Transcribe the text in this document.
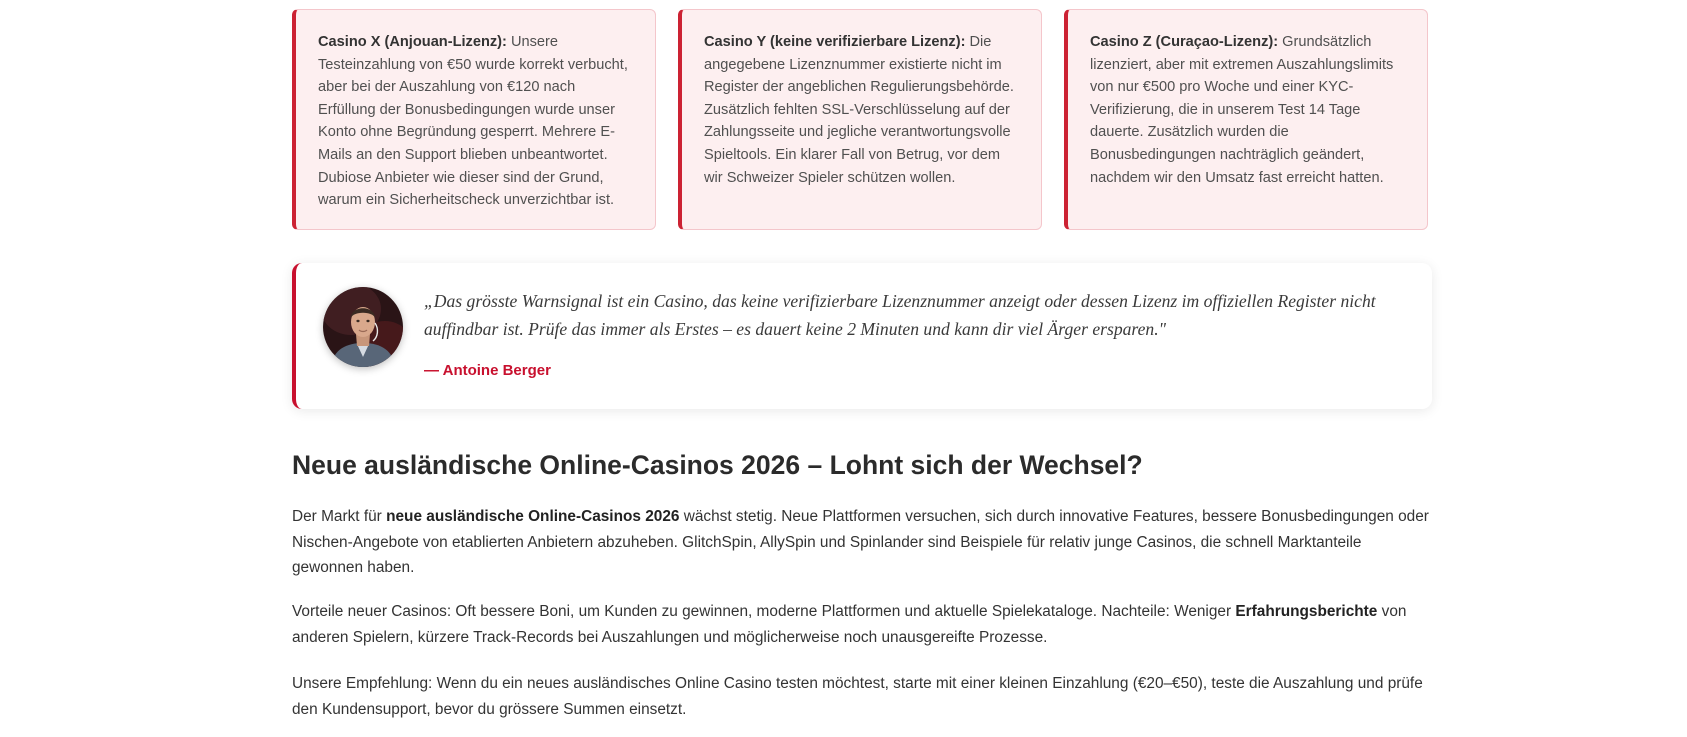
Casino X (Anjouan-Lizenz): Unsere Testeinzahlung von €50 wurde korrekt verbucht, aber bei der Auszahlung von €120 nach Erfüllung der Bonusbedingungen wurde unser Konto ohne Begründung gesperrt. Mehrere E-Mails an den Support blieben unbeantwortet. Dubiose Anbieter wie dieser sind der Grund, warum ein Sicherheitscheck unverzichtbar ist.
Casino Y (keine verifizierbare Lizenz): Die angegebene Lizenznummer existierte nicht im Register der angeblichen Regulierungsbehörde. Zusätzlich fehlten SSL-Verschlüsselung auf der Zahlungsseite und jegliche verantwortungsvolle Spieltools. Ein klarer Fall von Betrug, vor dem wir Schweizer Spieler schützen wollen.
Casino Z (Curaçao-Lizenz): Grundsätzlich lizenziert, aber mit extremen Auszahlungslimits von nur €500 pro Woche und einer KYC-Verifizierung, die in unserem Test 14 Tage dauerte. Zusätzlich wurden die Bonusbedingungen nachträglich geändert, nachdem wir den Umsatz fast erreicht hatten.
„Das grösste Warnsignal ist ein Casino, das keine verifizierbare Lizenznummer anzeigt oder dessen Lizenz im offiziellen Register nicht auffindbar ist. Prüfe das immer als Erstes – es dauert keine 2 Minuten und kann dir viel Ärger ersparen."
— Antoine Berger
Neue ausländische Online-Casinos 2026 – Lohnt sich der Wechsel?

Der Markt für neue ausländische Online-Casinos 2026 wächst stetig. Neue Plattformen versuchen, sich durch innovative Features, bessere Bonusbedingungen oder Nischen-Angebote von etablierten Anbietern abzuheben. GlitchSpin, AllySpin und Spinlander sind Beispiele für relativ junge Casinos, die schnell Marktanteile gewonnen haben.

Vorteile neuer Casinos: Oft bessere Boni, um Kunden zu gewinnen, moderne Plattformen und aktuelle Spielekataloge. Nachteile: Weniger Erfahrungsberichte von anderen Spielern, kürzere Track-Records bei Auszahlungen und möglicherweise noch unausgereifte Prozesse.

Unsere Empfehlung: Wenn du ein neues ausländisches Online Casino testen möchtest, starte mit einer kleinen Einzahlung (€20–€50), teste die Auszahlung und prüfe den Kundensupport, bevor du grössere Summen einsetzt.
